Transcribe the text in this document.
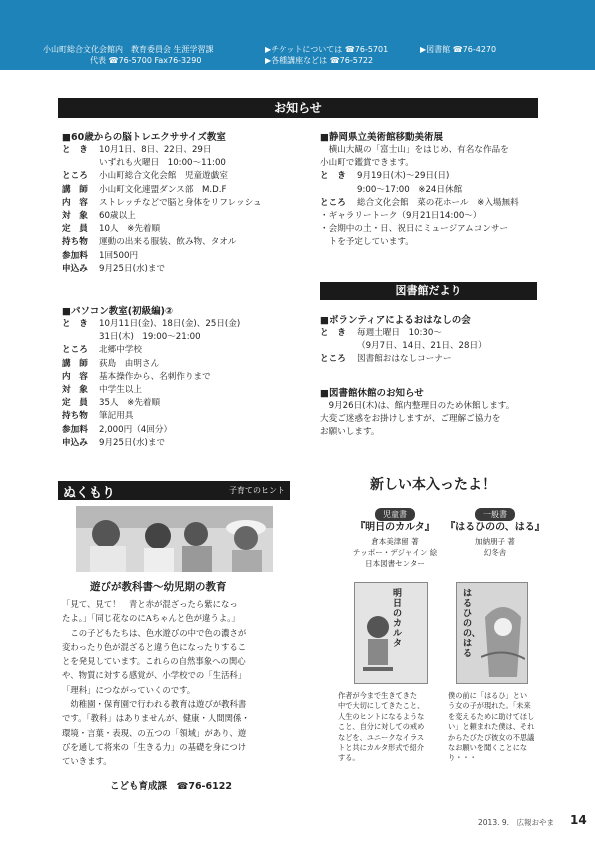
小山町総合文化会館内　教育委員会 生涯学習課
代表 ☎76-5700 Fax76-3290
▶チケットについては ☎76-5701	▶図書館 ☎76-4270
▶各種講座などは ☎76-5722
お知らせ
■60歳からの脳トレエクササイズ教室
と　き	10月1日、8日、22日、29日
いずれも火曜日　10:00～11:00
ところ	小山町総合文化会館　児童遊戯室
講　師	小山町文化連盟ダンス部　M.D.F
内　容	ストレッチなどで脳と身体をリフレッシュ
対　象	60歳以上
定　員	10人　※先着順
持ち物	運動の出来る服装、飲み物、タオル
参加料	1回500円
申込み	9月25日(水)まで
■パソコン教室(初級編)②
と　き	10月11日(金)、18日(金)、25日(金)
31日(木)　19:00～21:00
ところ	北郷中学校
講　師	荻島　由明さん
内　容	基本操作から、名刺作りまで
対　象	中学生以上
定　員	35人　※先着順
持ち物	筆記用具
参加料	2,000円（4回分）
申込み	9月25日(水)まで
■静岡県立美術館移動美術展
　横山大観の「富士山」をはじめ、有名な作品を
小山町で鑑賞できます。
と　き	9月19日(木)～29日(日)
9:00～17:00　※24日休館
ところ	総合文化会館　菜の花ホール　※入場無料
・ギャラリートーク（9月21日14:00～）
・会期中の土・日、祝日にミュージアムコンサー
　トを予定しています。
図書館だより
■ボランティアによるおはなしの会
と　き	毎週土曜日　10:30～
（9月7日、14日、21日、28日）
ところ	図書館おはなしコーナー
■図書館休館のお知らせ
　9月26日(木)は、館内整理日のため休館します。
大変ご迷惑をお掛けしますが、ご理解ご協力を
お願いします。
ぬくもり	子育てのヒント
遊びが教科書～幼児期の教育
「見て、見て！　青と赤が混ざったら紫になっ
たよ。」「同じ花なのにAちゃんと色が違うよ。」
　この子どもたちは、色水遊びの中で色の濃さが
変わったり色が混ざると違う色になったりするこ
とを発見しています。これらの自然事象への関心
や、物質に対する感覚が、小学校での「生活科」
「理科」につながっていくのです。
　幼稚園・保育園で行われる教育は遊びが教科書
です。「教科」はありませんが、健康・人間関係・
環境・言葉・表現、の五つの「領域」があり、遊
びを通して将来の「生きる力」の基礎を身につけ
ていきます。
こども育成課　☎76-6122
新しい本入ったよ！
児童書
『明日のカルタ』
倉本美津留 著
テッポー・デジャイン 絵
日本図書センター
明日のカルタ
作者が今まで生きてきた
中で大切にしてきたこと、
人生のヒントになるような
こと、自分に対しての戒め
などを、ユニークなイラス
トと共にカルタ形式で紹介
する。
一般書
『はるひのの、はる』
加納朋子 著
幻冬舎
はるひのの、はる
僕の前に「はるひ」とい
う女の子が現れた。「未来
を変えるために助けてほし
い」と頼まれた僕は、それ
からたびたび彼女の不思議
なお願いを聞くことにな
り・・・
2013. 9.　広報おやま 14
